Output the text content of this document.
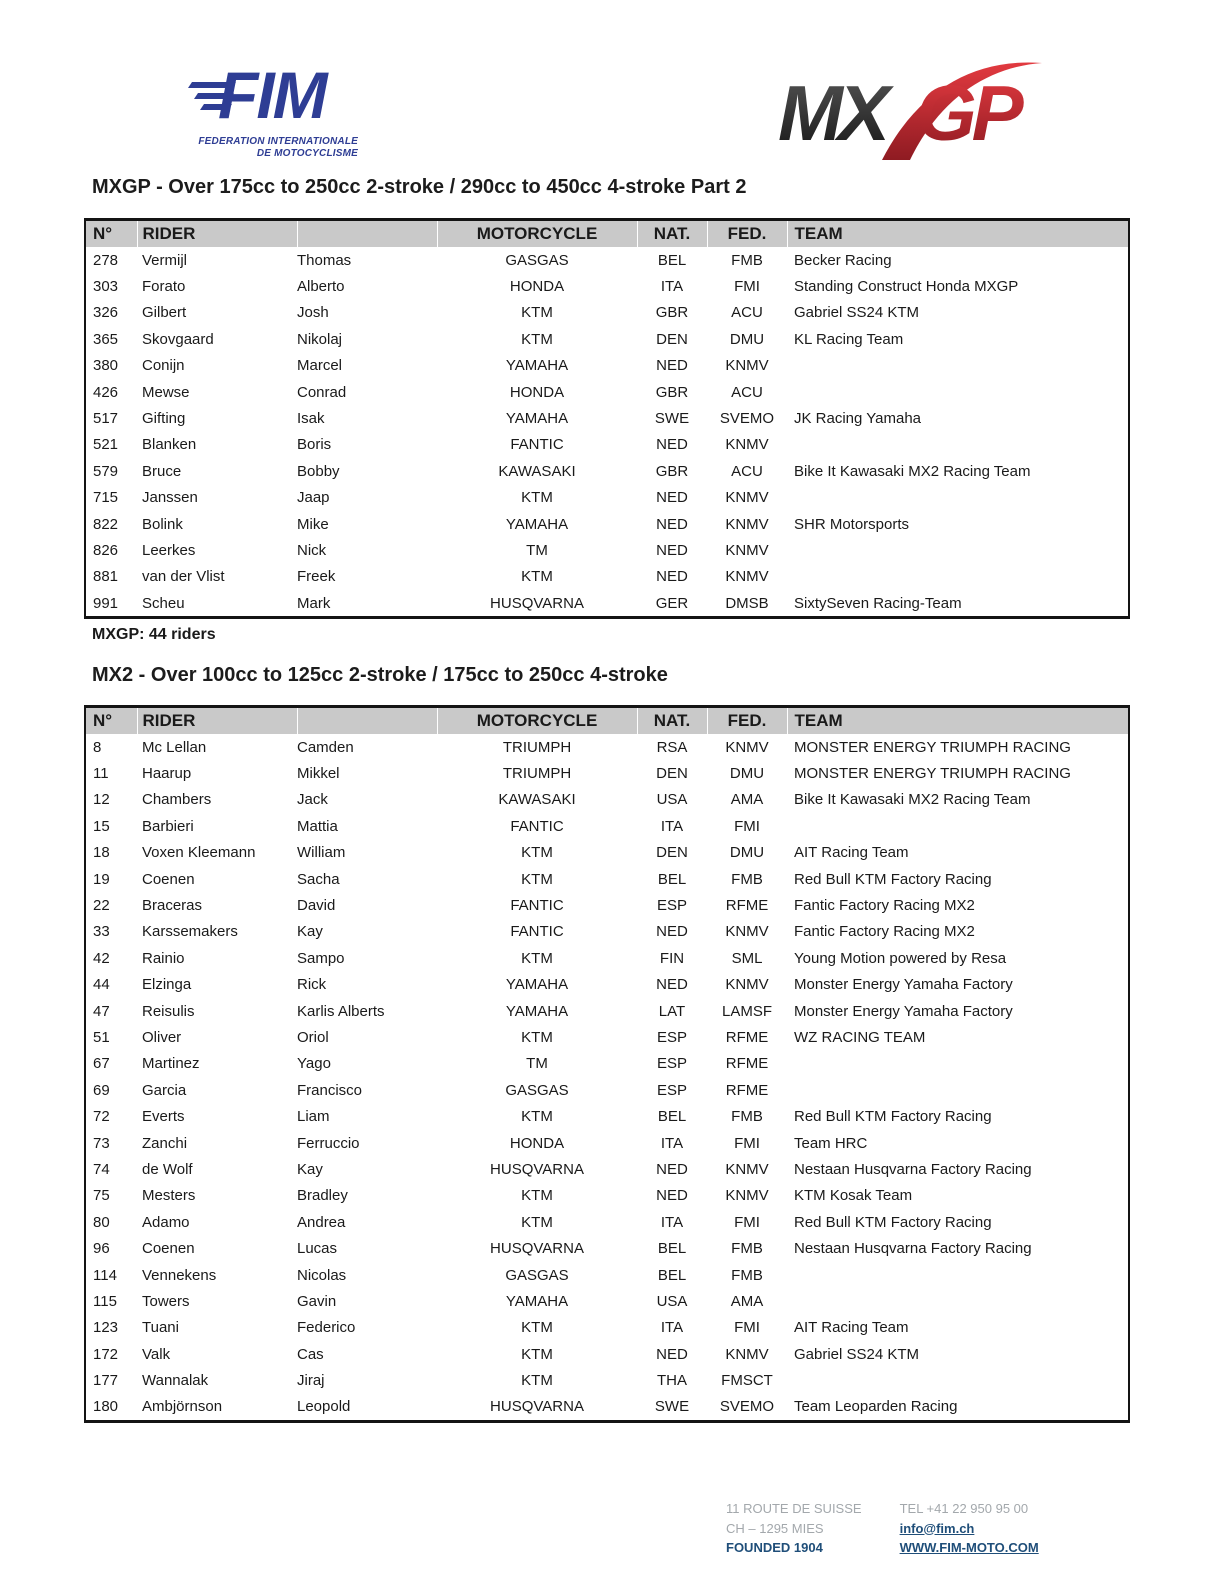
FIM
FEDERATION INTERNATIONALE
DE MOTOCYCLISME	MX GP
MXGP - Over 175cc to 250cc 2-stroke / 290cc to 450cc 4-stroke Part 2
N°	RIDER		MOTORCYCLE	NAT.	FED.	TEAM
278	Vermijl	Thomas	GASGAS	BEL	FMB	Becker Racing
303	Forato	Alberto	HONDA	ITA	FMI	Standing Construct Honda MXGP
326	Gilbert	Josh	KTM	GBR	ACU	Gabriel SS24 KTM
365	Skovgaard	Nikolaj	KTM	DEN	DMU	KL Racing Team
380	Conijn	Marcel	YAMAHA	NED	KNMV	
426	Mewse	Conrad	HONDA	GBR	ACU	
517	Gifting	Isak	YAMAHA	SWE	SVEMO	JK Racing Yamaha
521	Blanken	Boris	FANTIC	NED	KNMV	
579	Bruce	Bobby	KAWASAKI	GBR	ACU	Bike It Kawasaki MX2 Racing Team
715	Janssen	Jaap	KTM	NED	KNMV	
822	Bolink	Mike	YAMAHA	NED	KNMV	SHR Motorsports
826	Leerkes	Nick	TM	NED	KNMV	
881	van der Vlist	Freek	KTM	NED	KNMV	
991	Scheu	Mark	HUSQVARNA	GER	DMSB	SixtySeven Racing-Team
MXGP: 44 riders
MX2 - Over 100cc to 125cc 2-stroke / 175cc to 250cc 4-stroke
N°	RIDER		MOTORCYCLE	NAT.	FED.	TEAM
8	Mc Lellan	Camden	TRIUMPH	RSA	KNMV	MONSTER ENERGY TRIUMPH RACING
11	Haarup	Mikkel	TRIUMPH	DEN	DMU	MONSTER ENERGY TRIUMPH RACING
12	Chambers	Jack	KAWASAKI	USA	AMA	Bike It Kawasaki MX2 Racing Team
15	Barbieri	Mattia	FANTIC	ITA	FMI	
18	Voxen Kleemann	William	KTM	DEN	DMU	AIT Racing Team
19	Coenen	Sacha	KTM	BEL	FMB	Red Bull KTM Factory Racing
22	Braceras	David	FANTIC	ESP	RFME	Fantic Factory Racing MX2
33	Karssemakers	Kay	FANTIC	NED	KNMV	Fantic Factory Racing MX2
42	Rainio	Sampo	KTM	FIN	SML	Young Motion powered by Resa
44	Elzinga	Rick	YAMAHA	NED	KNMV	Monster Energy Yamaha Factory
47	Reisulis	Karlis Alberts	YAMAHA	LAT	LAMSF	Monster Energy Yamaha Factory
51	Oliver	Oriol	KTM	ESP	RFME	WZ RACING TEAM
67	Martinez	Yago	TM	ESP	RFME	
69	Garcia	Francisco	GASGAS	ESP	RFME	
72	Everts	Liam	KTM	BEL	FMB	Red Bull KTM Factory Racing
73	Zanchi	Ferruccio	HONDA	ITA	FMI	Team HRC
74	de Wolf	Kay	HUSQVARNA	NED	KNMV	Nestaan Husqvarna Factory Racing
75	Mesters	Bradley	KTM	NED	KNMV	KTM Kosak Team
80	Adamo	Andrea	KTM	ITA	FMI	Red Bull KTM Factory Racing
96	Coenen	Lucas	HUSQVARNA	BEL	FMB	Nestaan Husqvarna Factory Racing
114	Vennekens	Nicolas	GASGAS	BEL	FMB	
115	Towers	Gavin	YAMAHA	USA	AMA	
123	Tuani	Federico	KTM	ITA	FMI	AIT Racing Team
172	Valk	Cas	KTM	NED	KNMV	Gabriel SS24 KTM
177	Wannalak	Jiraj	KTM	THA	FMSCT	
180	Ambjörnson	Leopold	HUSQVARNA	SWE	SVEMO	Team Leoparden Racing
11 ROUTE DE SUISSE
CH – 1295 MIES
FOUNDED 1904
TEL +41 22 950 95 00
info@fim.ch
WWW.FIM-MOTO.COM
